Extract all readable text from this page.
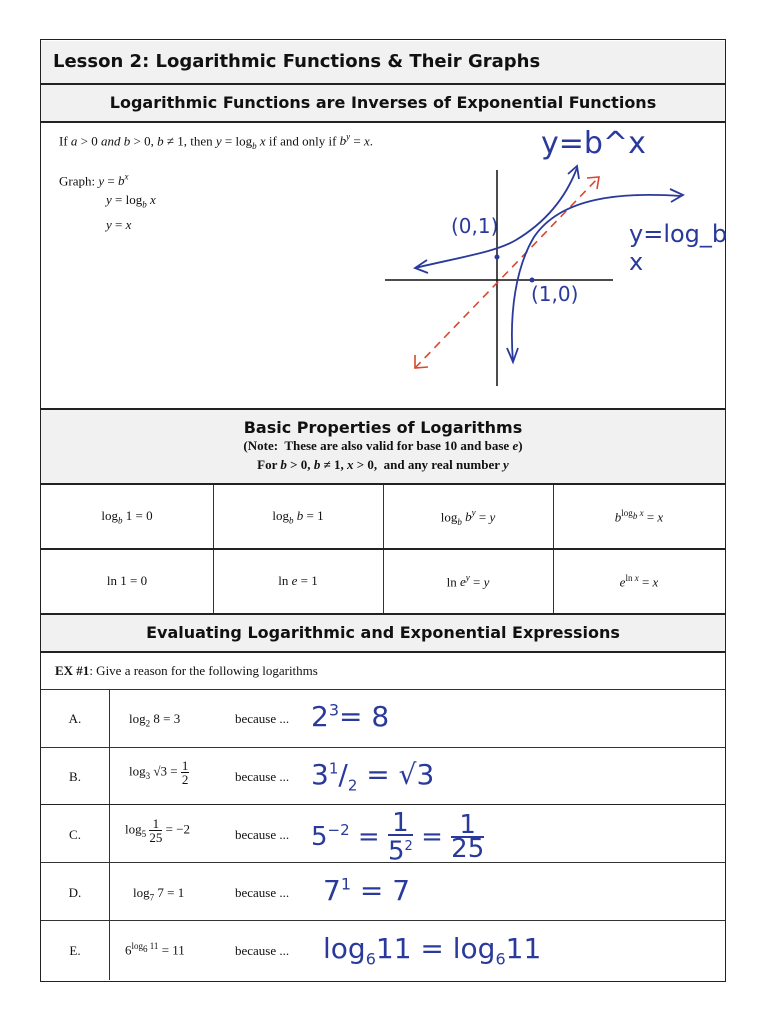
Lesson 2: Logarithmic Functions & Their Graphs
Logarithmic Functions are Inverses of Exponential Functions
If a > 0 and b > 0, b ≠ 1, then $y = \log_b x$ if and only if $b^y = x$.
Graph: $y = b^x$
$y = \log_b x$
y = x
y=b^x
y=log_b x
(0,1)
(1,0)
Basic Properties of Logarithms
(Note:  These are also valid for base 10 and base e)
For b > 0, b ≠ 1, x > 0,  and any real number y
$\log_b 1 = 0$	$\log_b b = 1$	$\log_b b^y = y$	$b^{log_b x} = x$
ln 1 = 0	ln e = 1	$\ln e^y = y$	$e^{ln x} = x$
Evaluating Logarithmic and Exponential Expressions
EX #1: Give a reason for the following logarithms
A.	$\log_2 8 = 3$	because ... $2^3= 8$
B.	$\log_3 √3 = \frac{1}{2}$	because ... $3^1/_2 = √3$
C.	$\log_5 \frac{1}{25} = -2$	because ... $5^{-2} = \frac{1}{5^2} = \frac{1}{25}$
D.	$\log_7 7 = 1$	because ... $7^1 = 7$
E.	$6^{log_6 11} = 11$	because ... $\log_611 = \log_611$
